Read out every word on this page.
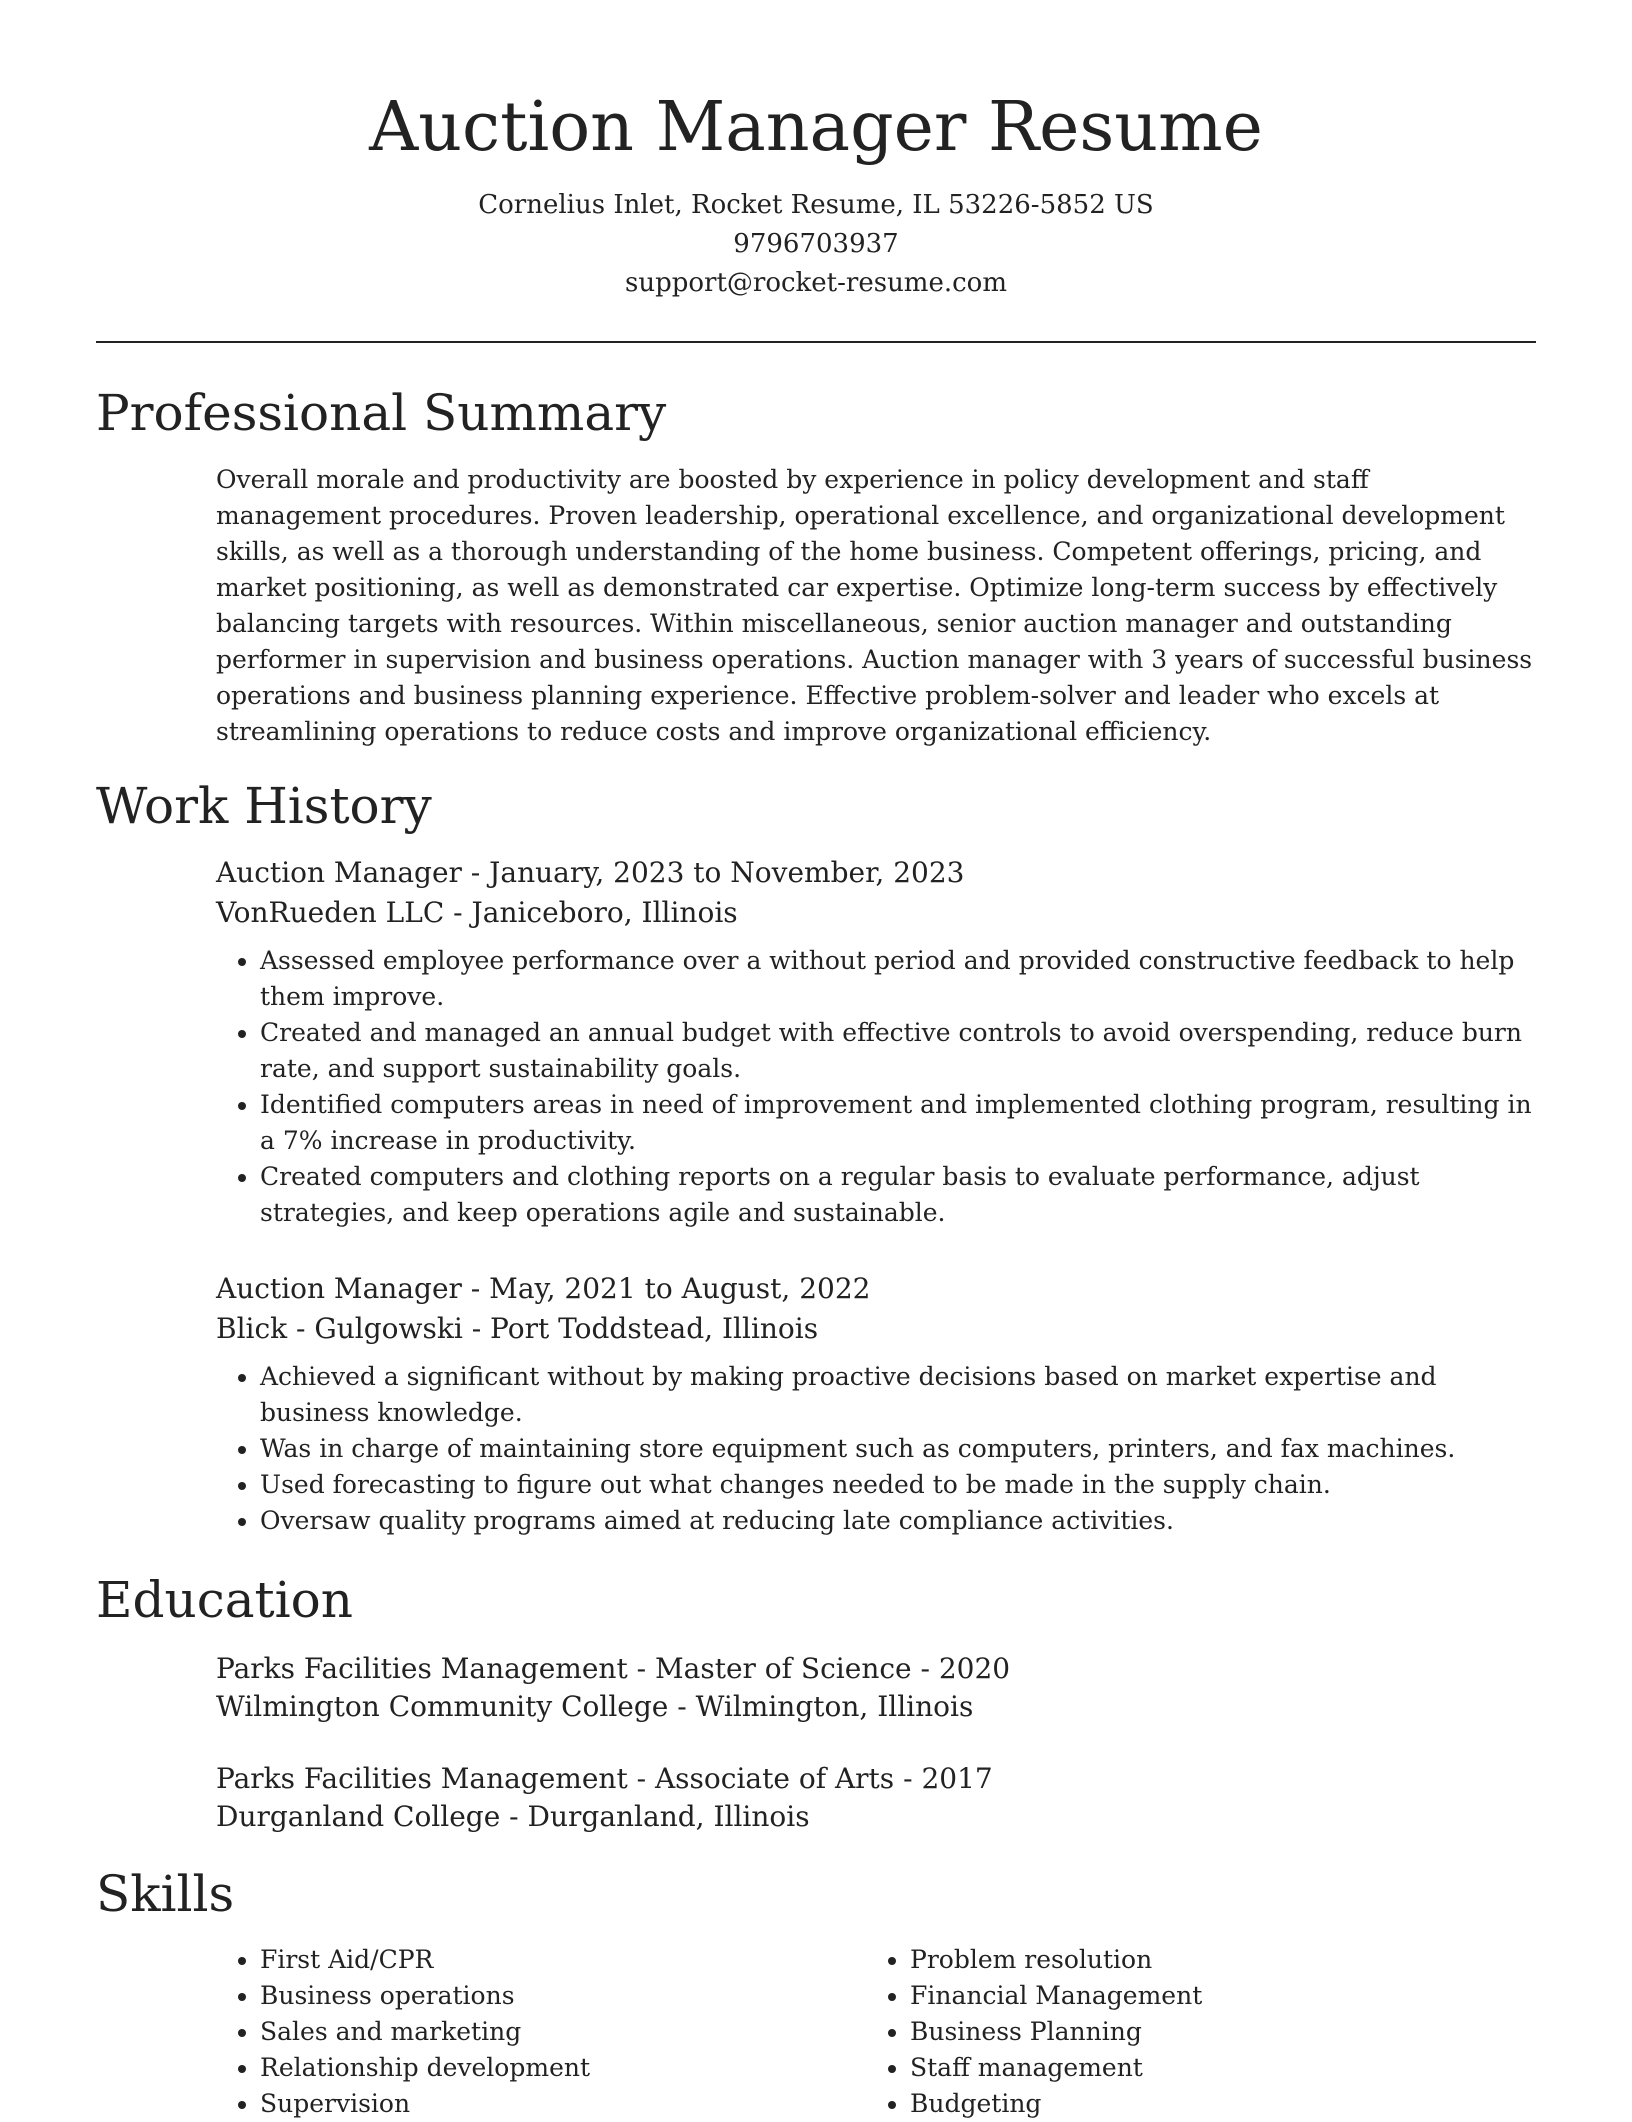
Auction Manager Resume
Cornelius Inlet, Rocket Resume, IL 53226-5852 US
9796703937
support@rocket-resume.com
Professional Summary

Overall morale and productivity are boosted by experience in policy development and staff management procedures. Proven leadership, operational excellence, and organizational development skills, as well as a thorough understanding of the home business. Competent offerings, pricing, and market positioning, as well as demonstrated car expertise. Optimize long-term success by effectively balancing targets with resources. Within miscellaneous, senior auction manager and outstanding performer in supervision and business operations. Auction manager with 3 years of successful business operations and business planning experience. Effective problem-solver and leader who excels at streamlining operations to reduce costs and improve organizational efficiency.

Work History
Auction Manager - January, 2023 to November, 2023
VonRueden LLC - Janiceboro, Illinois
• Assessed employee performance over a without period and provided constructive feedback to help them improve.
• Created and managed an annual budget with effective controls to avoid overspending, reduce burn rate, and support sustainability goals.
• Identified computers areas in need of improvement and implemented clothing program, resulting in a 7% increase in productivity.
• Created computers and clothing reports on a regular basis to evaluate performance, adjust strategies, and keep operations agile and sustainable.
Auction Manager - May, 2021 to August, 2022
Blick - Gulgowski - Port Toddstead, Illinois
• Achieved a significant without by making proactive decisions based on market expertise and business knowledge.
• Was in charge of maintaining store equipment such as computers, printers, and fax machines.
• Used forecasting to figure out what changes needed to be made in the supply chain.
• Oversaw quality programs aimed at reducing late compliance activities.
Education
Parks Facilities Management - Master of Science - 2020
Wilmington Community College - Wilmington, Illinois
Parks Facilities Management - Associate of Arts - 2017
Durganland College - Durganland, Illinois
Skills
• First Aid/CPR
• Business operations
• Sales and marketing
• Relationship development
• Supervision
• Problem resolution
• Financial Management
• Business Planning
• Staff management
• Budgeting
